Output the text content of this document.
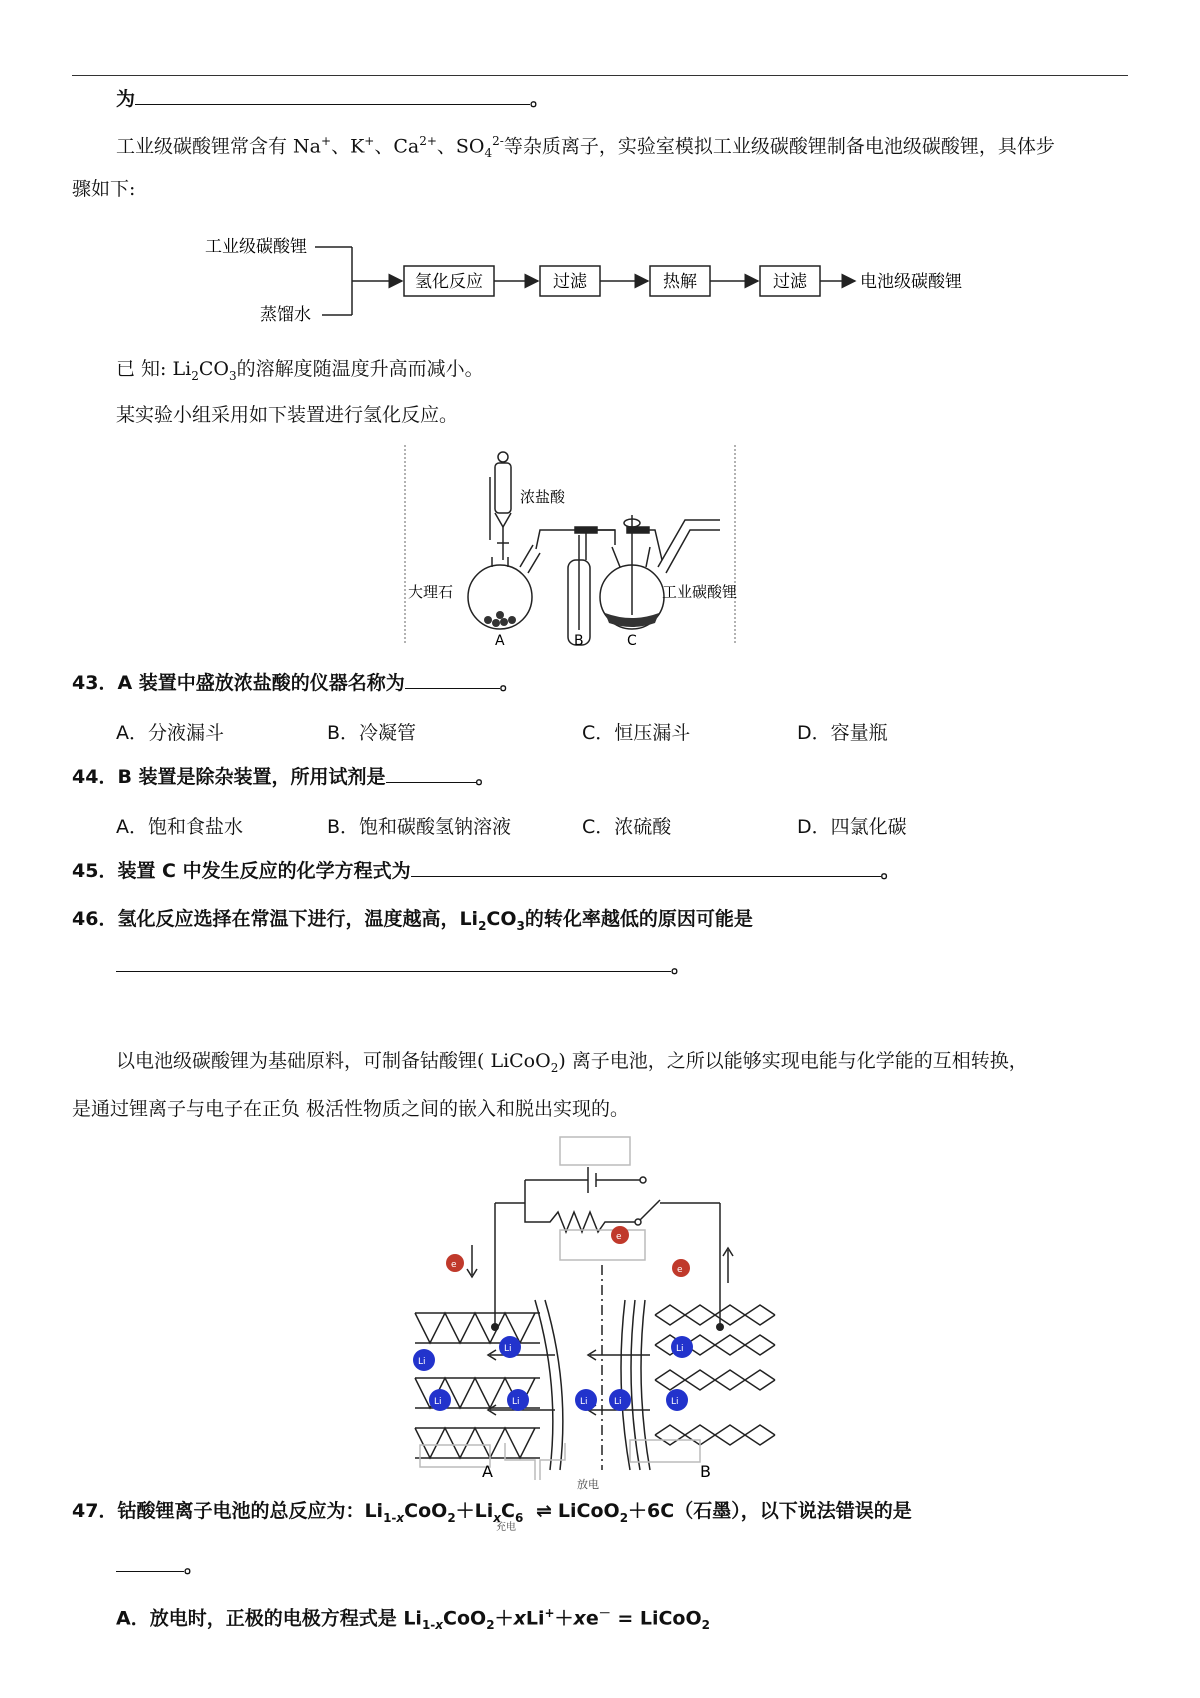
为	。
工业级碳酸锂常含有 Na+、K+、$Ca^{2+}$、$SO_4^{2-}$等杂质离子，实验室模拟工业级碳酸锂制备电池级碳酸锂，具体步
骤如下:
工业级碳酸锂
蒸馏水
氢化反应	过滤	热解	过滤	电池级碳酸锂
已 知: $Li_2CO_3$的溶解度随温度升高而减小。
某实验小组采用如下装置进行氢化反应。
浓盐酸
大理石	工业碳酸锂
A	B	C
43．A 装置中盛放浓盐酸的仪器名称为	。
A．分液漏斗	B．冷凝管	C．恒压漏斗	D．容量瓶
44．B 装置是除杂装置，所用试剂是	。
A．饱和食盐水	B．饱和碳酸氢钠溶液	C．浓硫酸	D．四氯化碳
45．装置 C 中发生反应的化学方程式为	。
46．氢化反应选择在常温下进行，温度越高，$Li_2CO_3$的转化率越低的原因可能是
。
以电池级碳酸锂为基础原料，可制备钴酸锂( LiCoO$_2$) 离子电池，之所以能够实现电能与化学能的互相转换，
是通过锂离子与电子在正负 极活性物质之间的嵌入和脱出实现的。
e
e	e
Li
Li	Li
Li
Li
Li
Li
Li
A	B
放电
47．钴酸锂离子电池的总反应为：$Li_{1-x}CoO_2+Li_xC_6$ ⇌
充电
LiCoO$_2$＋6C（石墨），以下说法错误的是
。
A．放电时，正极的电极方程式是 $Li_{1-x}CoO_2+xLi^++xe^-$ = LiCoO$_2$
